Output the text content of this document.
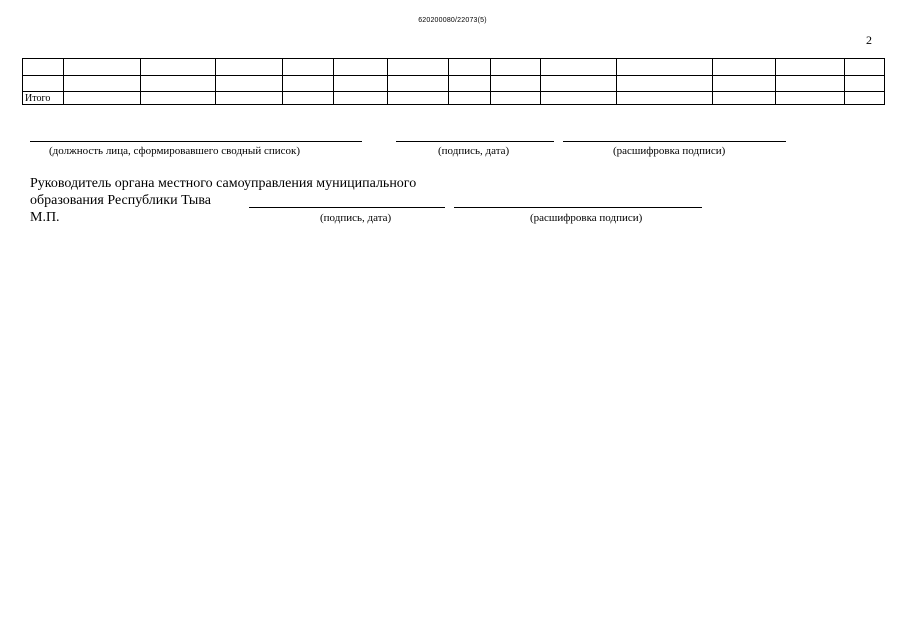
620200080/22073(5)
2

Итого													
(должность лица, сформировавшего сводный список)	(подпись, дата)	(расшифровка подписи)
Руководитель органа местного самоуправления муниципального
образования Республики Тыва
М.П.	(подпись, дата)	(расшифровка подписи)
